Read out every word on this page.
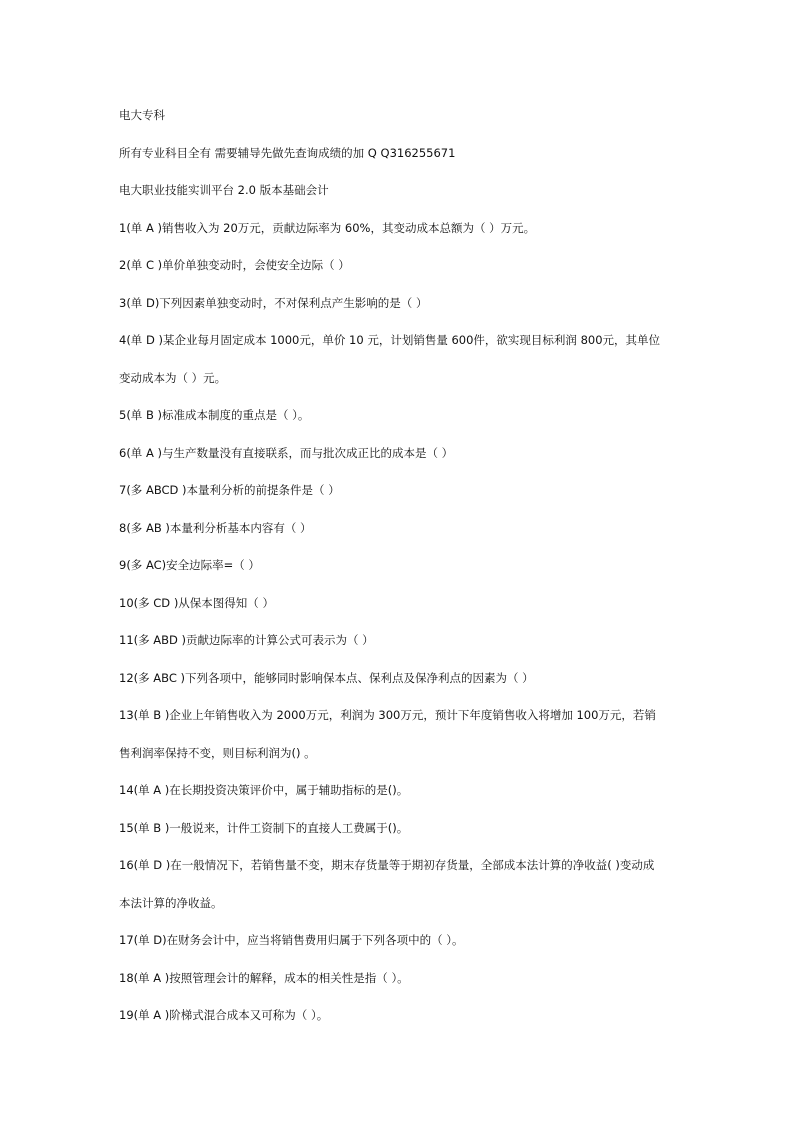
电大专科
所有专业科目全有 需要辅导先做先查询成绩的加 Q Q316255671
电大职业技能实训平台 2.0 版本基础会计
1(单 A )销售收入为 20万元，贡献边际率为 60%，其变动成本总额为（ ）万元。
2(单 C )单价单独变动时，会使安全边际（ ）
3(单 D)下列因素单独变动时，不对保利点产生影响的是（ ）
4(单 D )某企业每月固定成本 1000元，单价 10 元，计划销售量 600件，欲实现目标利润 800元，其单位
变动成本为（ ）元。
5(单 B )标准成本制度的重点是（ ）。
6(单 A )与生产数量没有直接联系，而与批次成正比的成本是（ ）
7(多 ABCD )本量利分析的前提条件是（ ）
8(多 AB )本量利分析基本内容有（ ）
9(多 AC)安全边际率=（ ）
10(多 CD )从保本图得知（ ）
11(多 ABD )贡献边际率的计算公式可表示为（ ）
12(多 ABC )下列各项中，能够同时影响保本点、保利点及保净利点的因素为（ ）
13(单 B )企业上年销售收入为 2000万元，利润为 300万元，预计下年度销售收入将增加 100万元，若销
售利润率保持不变，则目标利润为() 。
14(单 A )在长期投资决策评价中，属于辅助指标的是()。
15(单 B )一般说来，计件工资制下的直接人工费属于()。
16(单 D )在一般情况下，若销售量不变，期末存货量等于期初存货量，全部成本法计算的净收益( )变动成
本法计算的净收益。
17(单 D)在财务会计中，应当将销售费用归属于下列各项中的（ ）。
18(单 A )按照管理会计的解释，成本的相关性是指（ ）。
19(单 A )阶梯式混合成本又可称为（ ）。
